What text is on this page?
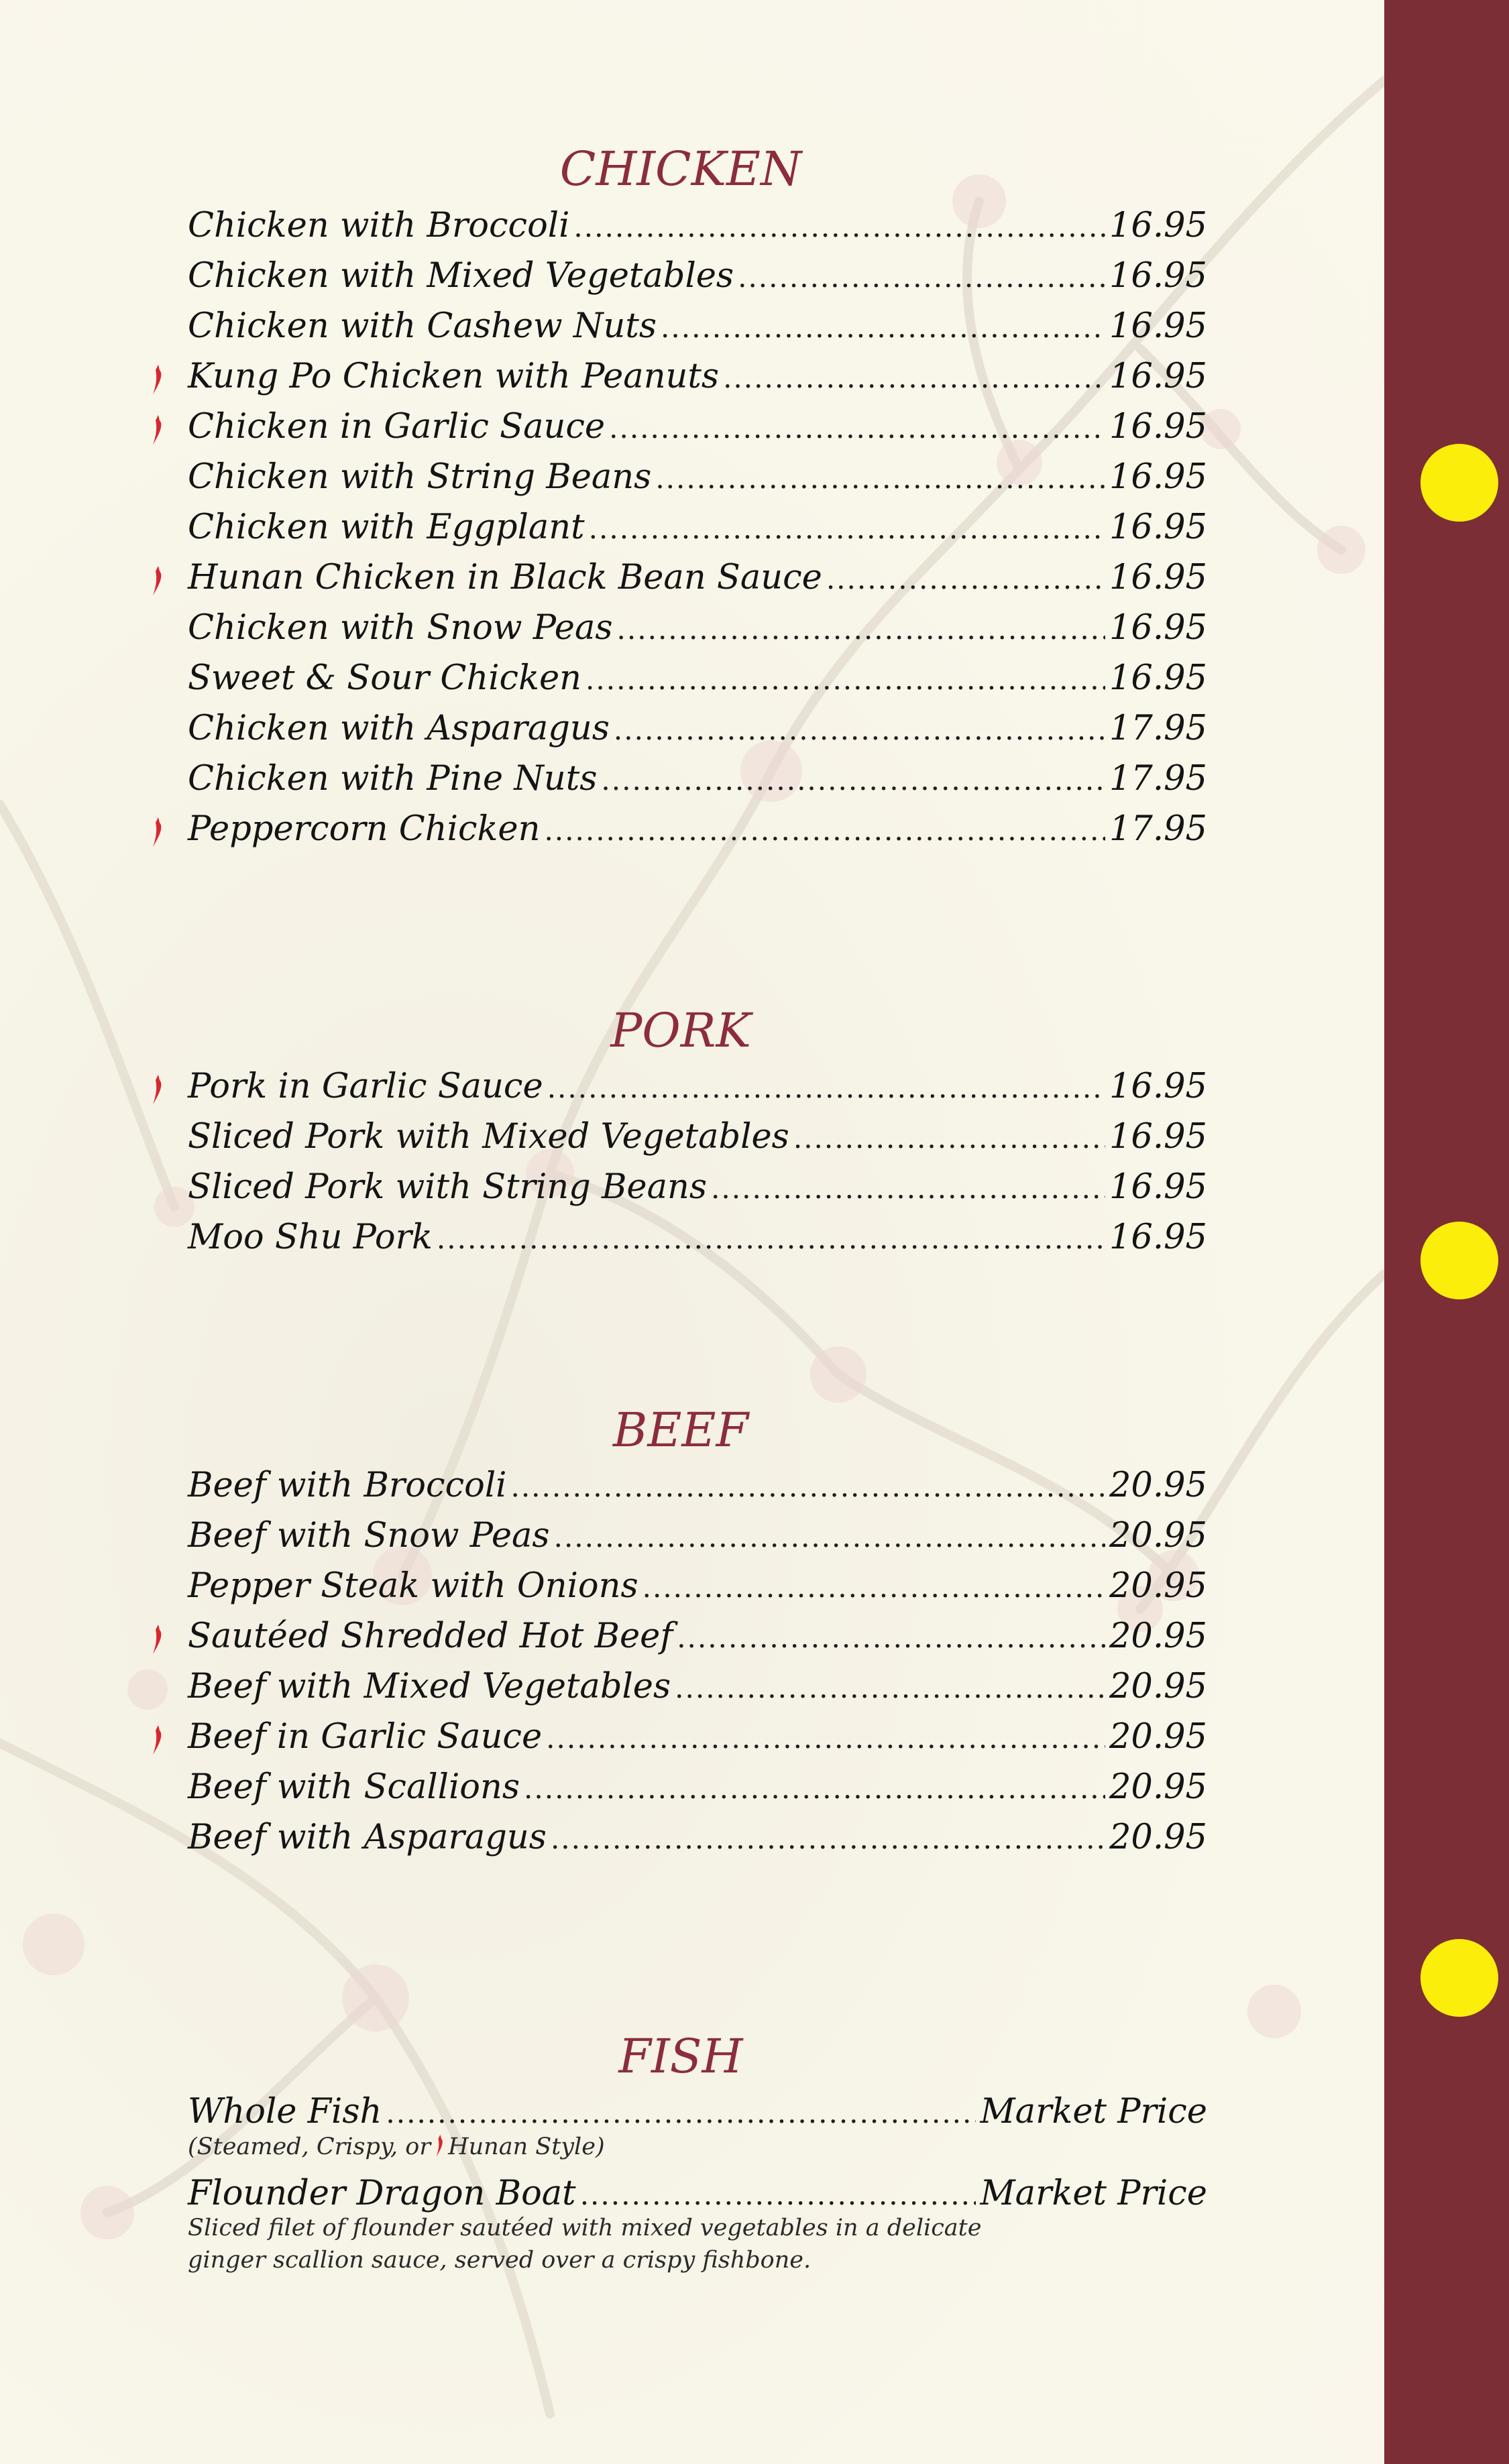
CHICKEN
Chicken with Broccoli .....	16.95
Chicken with Mixed Vegetables .....	16.95
Chicken with Cashew Nuts .....	16.95
Kung Po Chicken with Peanuts .....	16.95
Chicken in Garlic Sauce .....	16.95
Chicken with String Beans .....	16.95
Chicken with Eggplant .....	16.95
Hunan Chicken in Black Bean Sauce .....	16.95
Chicken with Snow Peas .....	16.95
Sweet & Sour Chicken .....	16.95
Chicken with Asparagus .....	17.95
Chicken with Pine Nuts .....	17.95
Peppercorn Chicken .....	17.95
PORK
Pork in Garlic Sauce .....	16.95
Sliced Pork with Mixed Vegetables .....	16.95
Sliced Pork with String Beans .....	16.95
Moo Shu Pork .....	16.95
BEEF
Beef with Broccoli .....	20.95
Beef with Snow Peas .....	20.95
Pepper Steak with Onions .....	20.95
Sautéed Shredded Hot Beef .....	20.95
Beef with Mixed Vegetables .....	20.95
Beef in Garlic Sauce .....	20.95
Beef with Scallions .....	20.95
Beef with Asparagus .....	20.95
FISH
Whole Fish .....	Market Price
(Steamed, Crispy, or Hunan Style)
Flounder Dragon Boat .....	Market Price
Sliced filet of flounder sautéed with mixed vegetables in a delicate
ginger scallion sauce, served over a crispy fishbone.
